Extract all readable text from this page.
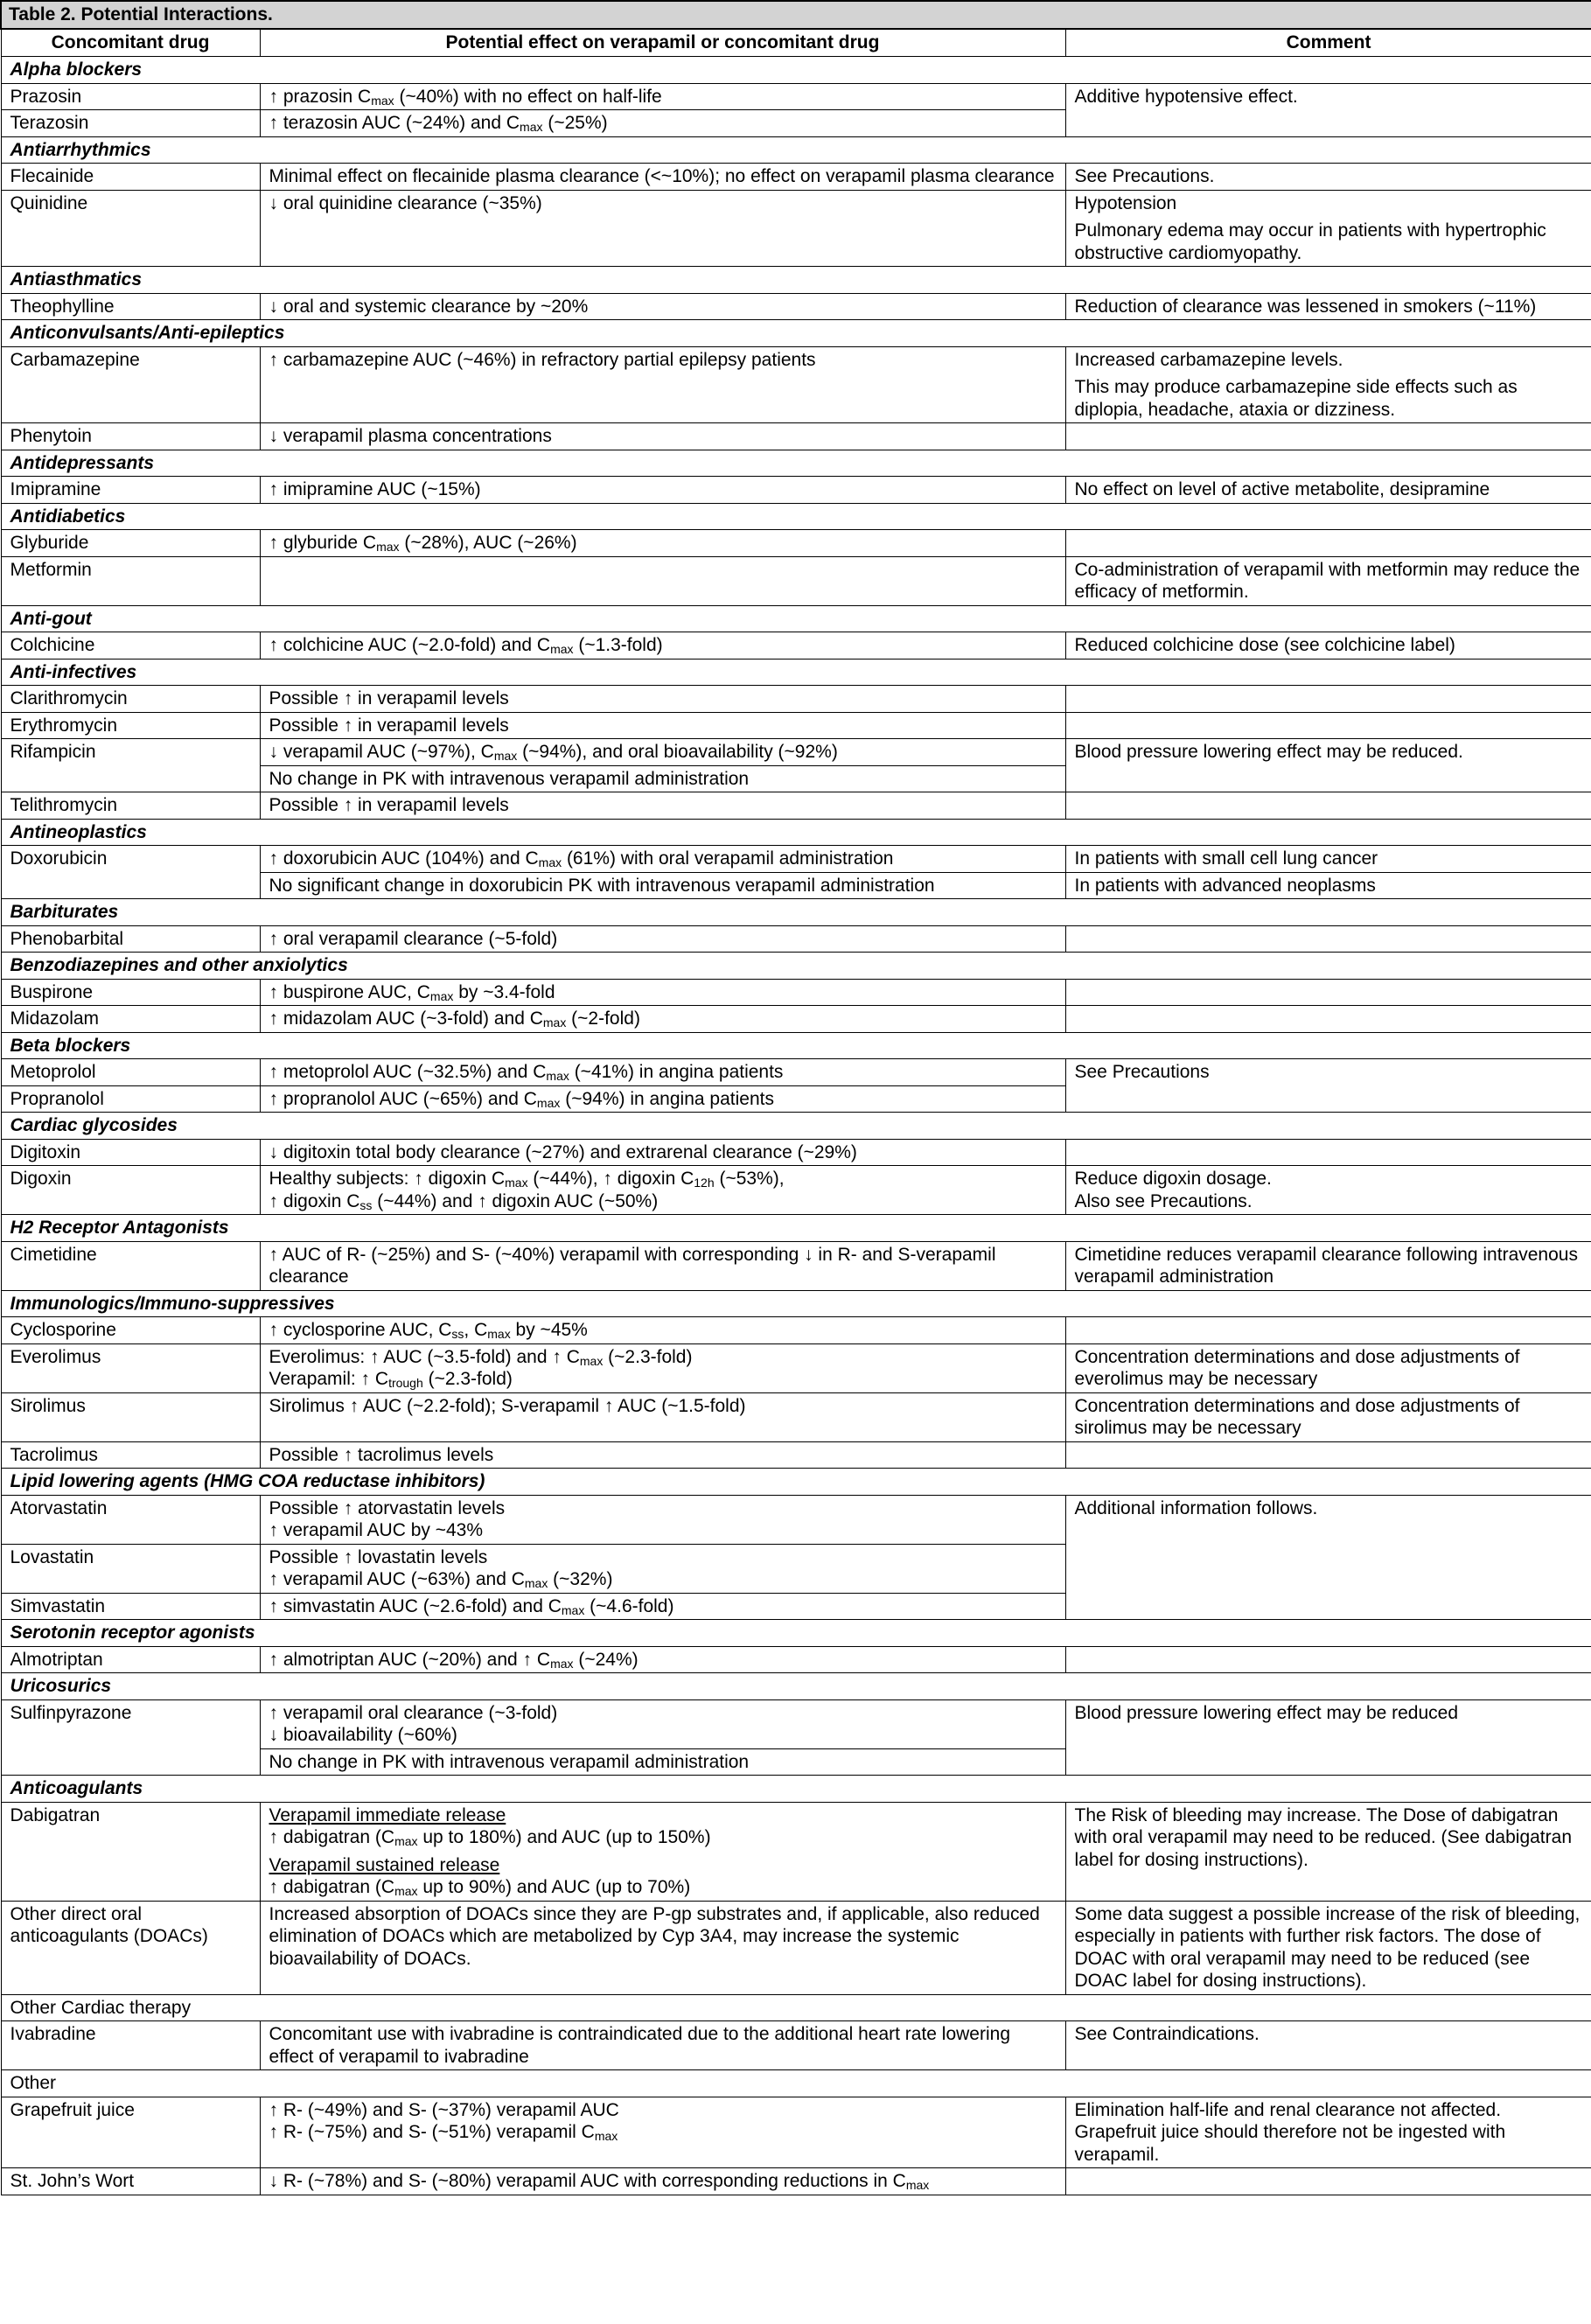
Table 2. Potential Interactions.		
Concomitant drug	Potential effect on verapamil or concomitant drug	Comment
Alpha blockers		
Prazosin	↑ prazosin $C_{max}$ (~40%) with no effect on half-life	Additive hypotensive effect.

Terazosin	↑ terazosin AUC (~24%) and $C_{max}$ (~25%)	

Antiarrhythmics		
Flecainide	Minimal effect on flecainide plasma clearance (<~10%); no effect on verapamil plasma clearance	See Precautions.

Quinidine	↓ oral quinidine clearance (~35%)	Hypotension
Pulmonary edema may occur in patients with hypertrophic obstructive cardiomyopathy.

Antiasthmatics		
Theophylline	↓ oral and systemic clearance by ~20%	Reduction of clearance was lessened in smokers (~11%)

Anticonvulsants/Anti-epileptics		
Carbamazepine	↑ carbamazepine AUC (~46%) in refractory partial epilepsy patients	Increased carbamazepine levels.
This may produce carbamazepine side effects such as diplopia, headache, ataxia or dizziness.

Phenytoin	↓ verapamil plasma concentrations	

Antidepressants		
Imipramine	↑ imipramine AUC (~15%)	No effect on level of active metabolite, desipramine

Antidiabetics		
Glyburide	↑ glyburide $C_{max}$ (~28%), AUC (~26%)	

Metformin		Co-administration of verapamil with metformin may reduce the efficacy of metformin.

Anti-gout		
Colchicine	↑ colchicine AUC (~2.0-fold) and $C_{max}$ (~1.3-fold)	Reduced colchicine dose (see colchicine label)

Anti-infectives		
Clarithromycin	Possible ↑ in verapamil levels	

Erythromycin	Possible ↑ in verapamil levels	

Rifampicin	↓ verapamil AUC (~97%), $C_{max}$ (~94%), and oral bioavailability (~92%)	Blood pressure lowering effect may be reduced.

	No change in PK with intravenous verapamil administration	

Telithromycin	Possible ↑ in verapamil levels	

Antineoplastics		
Doxorubicin	↑ doxorubicin AUC (104%) and $C_{max}$ (61%) with oral verapamil administration	In patients with small cell lung cancer

	No significant change in doxorubicin PK with intravenous verapamil administration	In patients with advanced neoplasms

Barbiturates		
Phenobarbital	↑ oral verapamil clearance (~5-fold)	

Benzodiazepines and other anxiolytics		
Buspirone	↑ buspirone AUC, $C_{max}$ by ~3.4-fold	

Midazolam	↑ midazolam AUC (~3-fold) and $C_{max}$ (~2-fold)	

Beta blockers		
Metoprolol	↑ metoprolol AUC (~32.5%) and $C_{max}$ (~41%) in angina patients	See Precautions

Propranolol	↑ propranolol AUC (~65%) and $C_{max}$ (~94%) in angina patients	

Cardiac glycosides		
Digitoxin	↓ digitoxin total body clearance (~27%) and extrarenal clearance (~29%)	

Digoxin	Healthy subjects: ↑ digoxin $C_{max}$ (~44%), ↑ digoxin $C_{12h}$ (~53%),
↑ digoxin $C_{ss}$ (~44%) and ↑ digoxin AUC (~50%)	Reduce digoxin dosage.
Also see Precautions.

H2 Receptor Antagonists		
Cimetidine	↑ AUC of R- (~25%) and S- (~40%) verapamil with corresponding ↓ in R- and S-verapamil clearance	Cimetidine reduces verapamil clearance following intravenous verapamil administration

Immunologics/Immuno-suppressives		
Cyclosporine	↑ cyclosporine AUC, $C_{ss}$, $C_{max}$ by ~45%	

Everolimus	Everolimus: ↑ AUC (~3.5-fold) and ↑ $C_{max}$ (~2.3-fold)
Verapamil: ↑ $C_{trough}$ (~2.3-fold)	Concentration determinations and dose adjustments of everolimus may be necessary

Sirolimus	Sirolimus ↑ AUC (~2.2-fold); S-verapamil ↑ AUC (~1.5-fold)	Concentration determinations and dose adjustments of sirolimus may be necessary

Tacrolimus	Possible ↑ tacrolimus levels	

Lipid lowering agents (HMG COA reductase inhibitors)		
Atorvastatin	Possible ↑ atorvastatin levels
↑ verapamil AUC by ~43%	Additional information follows.

Lovastatin	Possible ↑ lovastatin levels
↑ verapamil AUC (~63%) and $C_{max}$ (~32%)	

Simvastatin	↑ simvastatin AUC (~2.6-fold) and $C_{max}$ (~4.6-fold)	

Serotonin receptor agonists		
Almotriptan	↑ almotriptan AUC (~20%) and ↑ $C_{max}$ (~24%)	

Uricosurics		
Sulfinpyrazone	↑ verapamil oral clearance (~3-fold)
↓ bioavailability (~60%)	Blood pressure lowering effect may be reduced

	No change in PK with intravenous verapamil administration	

Anticoagulants		
Dabigatran	Verapamil immediate release
↑ dabigatran ($C_{max}$ up to 180%) and AUC (up to 150%)
Verapamil sustained release
↑ dabigatran ($C_{max}$ up to 90%) and AUC (up to 70%)	The Risk of bleeding may increase. The Dose of dabigatran with oral verapamil may need to be reduced. (See dabigatran label for dosing instructions).

Other direct oral anticoagulants (DOACs)	Increased absorption of DOACs since they are P-gp substrates and, if applicable, also reduced elimination of DOACs which are metabolized by Cyp 3A4, may increase the systemic bioavailability of DOACs.	Some data suggest a possible increase of the risk of bleeding, especially in patients with further risk factors. The dose of DOAC with oral verapamil may need to be reduced (see DOAC label for dosing instructions).

Other Cardiac therapy		
Ivabradine	Concomitant use with ivabradine is contraindicated due to the additional heart rate lowering effect of verapamil to ivabradine	See Contraindications.

Other		
Grapefruit juice	↑ R- (~49%) and S- (~37%) verapamil AUC
↑ R- (~75%) and S- (~51%) verapamil $C_{max}$	Elimination half-life and renal clearance not affected. Grapefruit juice should therefore not be ingested with verapamil.

St. John’s Wort	↓ R- (~78%) and S- (~80%) verapamil AUC with corresponding reductions in $C_{max}$
